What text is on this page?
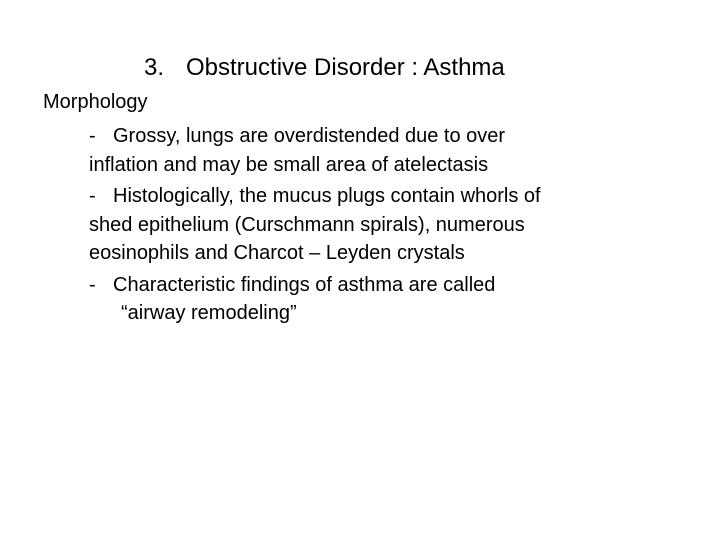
3. Obstructive Disorder : Asthma
Morphology
- Grossy, lungs are overdistended due to over
inflation and may be small area of atelectasis
- Histologically, the mucus plugs contain whorls of
shed epithelium (Curschmann spirals), numerous
eosinophils and Charcot – Leyden crystals
- Characteristic findings of asthma are called
“airway remodeling”
